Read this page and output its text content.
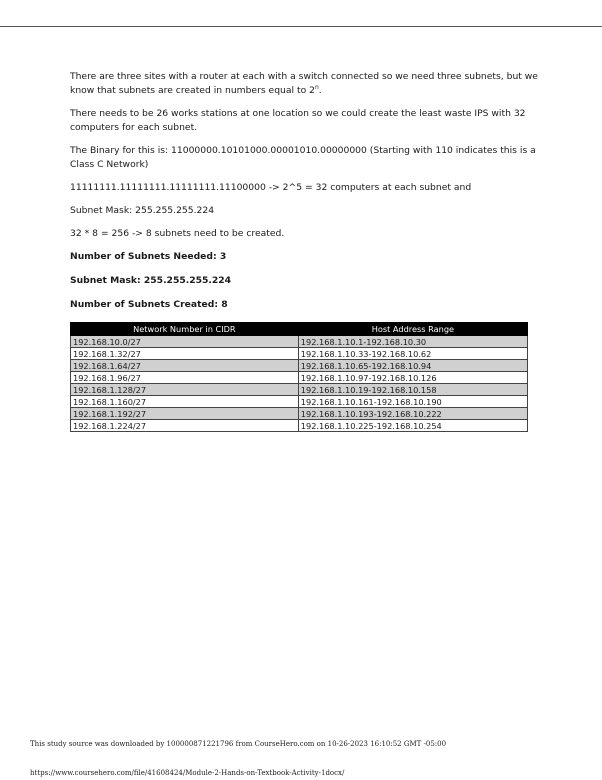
There are three sites with a router at each with a switch connected so we need three subnets, but we know that subnets are created in numbers equal to 2$^n$.

There needs to be 26 works stations at one location so we could create the least waste IPS with 32 computers for each subnet.

The Binary for this is: 11000000.10101000.00001010.00000000 (Starting with 110 indicates this is a Class C Network)

11111111.11111111.11111111.11100000 -> 2^5 = 32 computers at each subnet and

Subnet Mask: 255.255.255.224

32 * 8 = 256 -> 8 subnets need to be created.

Number of Subnets Needed: 3

Subnet Mask: 255.255.255.224

Number of Subnets Created: 8

Network Number in CIDR	Host Address Range
192.168.10.0/27	192.168.1.10.1-192.168.10.30
192.168.1.32/27	192.168.1.10.33-192.168.10.62
192.168.1.64/27	192.168.1.10.65-192.168.10.94
192.168.1.96/27	192.168.1.10.97-192.168.10.126
192.168.1.128/27	192.168.1.10.19-192.168.10.158
192.168.1.160/27	192.168.1.10.161-192.168.10.190
192.168.1.192/27	192.168.1.10.193-192.168.10.222
192.168.1.224/27	192.168.1.10.225-192.168.10.254
This study source was downloaded by 100000871221796 from CourseHero.com on 10-26-2023 16:10:52 GMT -05:00
https://www.coursehero.com/file/41608424/Module-2-Hands-on-Textbook-Activity-1docx/
